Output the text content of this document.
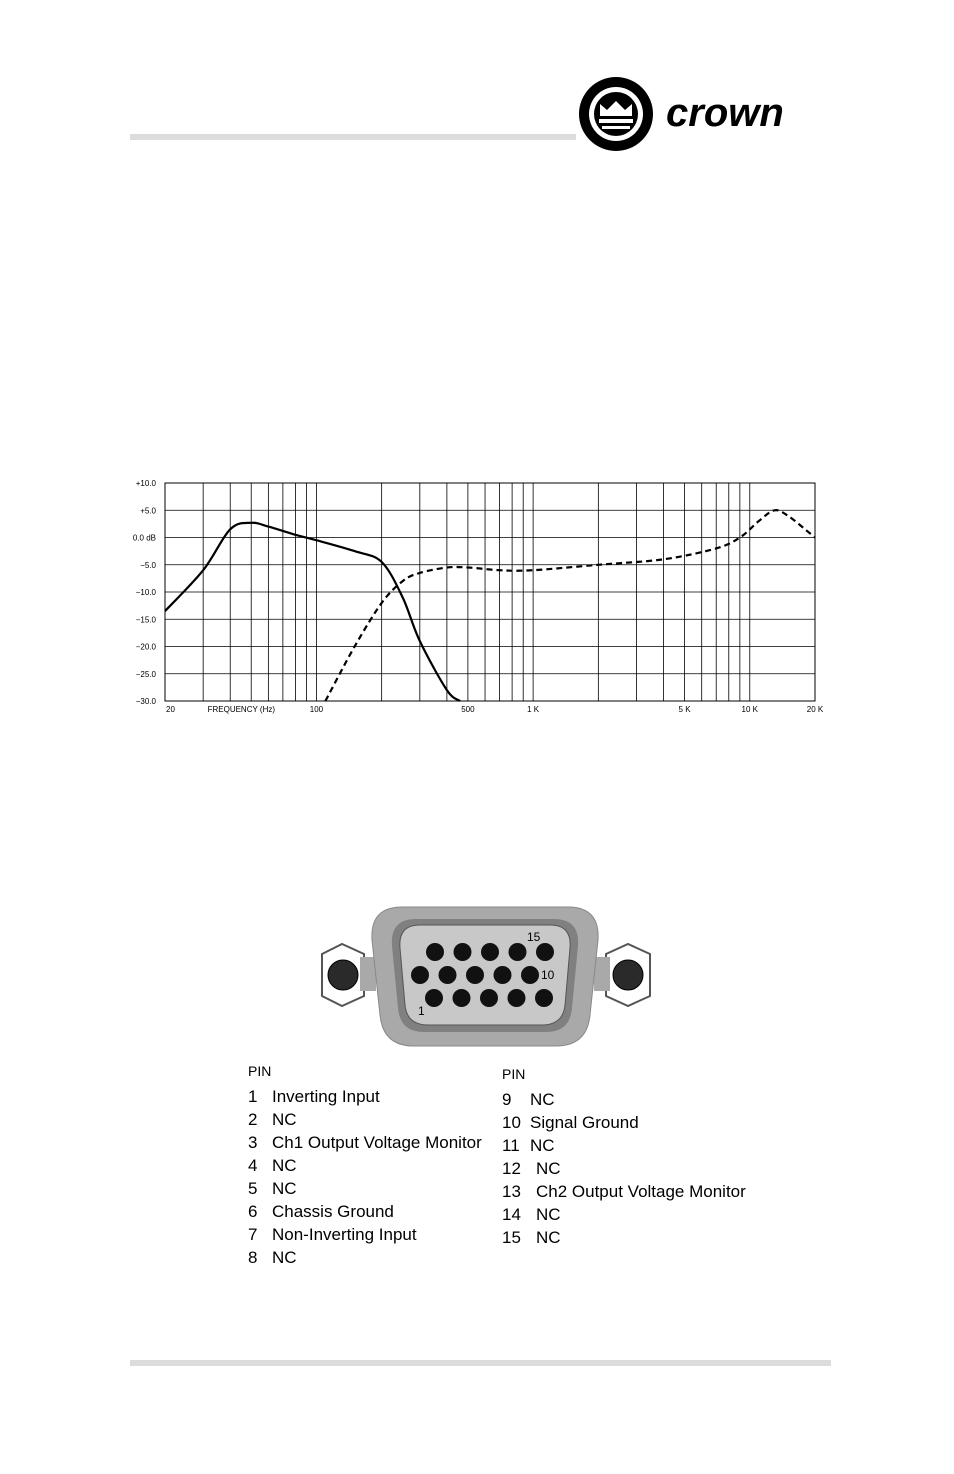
crown
+10.0
+5.0
0.0 dB
−5.0
−10.0
−15.0
−20.0
−25.0
−30.0
20	100	500	1 K	5 K	10 K	20 K
FREQUENCY (Hz)
15
10
1
PIN
1 Inverting Input
2 NC
3 Ch1 Output Voltage Monitor
4 NC
5 NC
6 Chassis Ground
7 Non-Inverting Input
8 NC
PIN
9	NC
10 Signal Ground
11 NC
12 NC
13 Ch2 Output Voltage Monitor
14 NC
15 NC
